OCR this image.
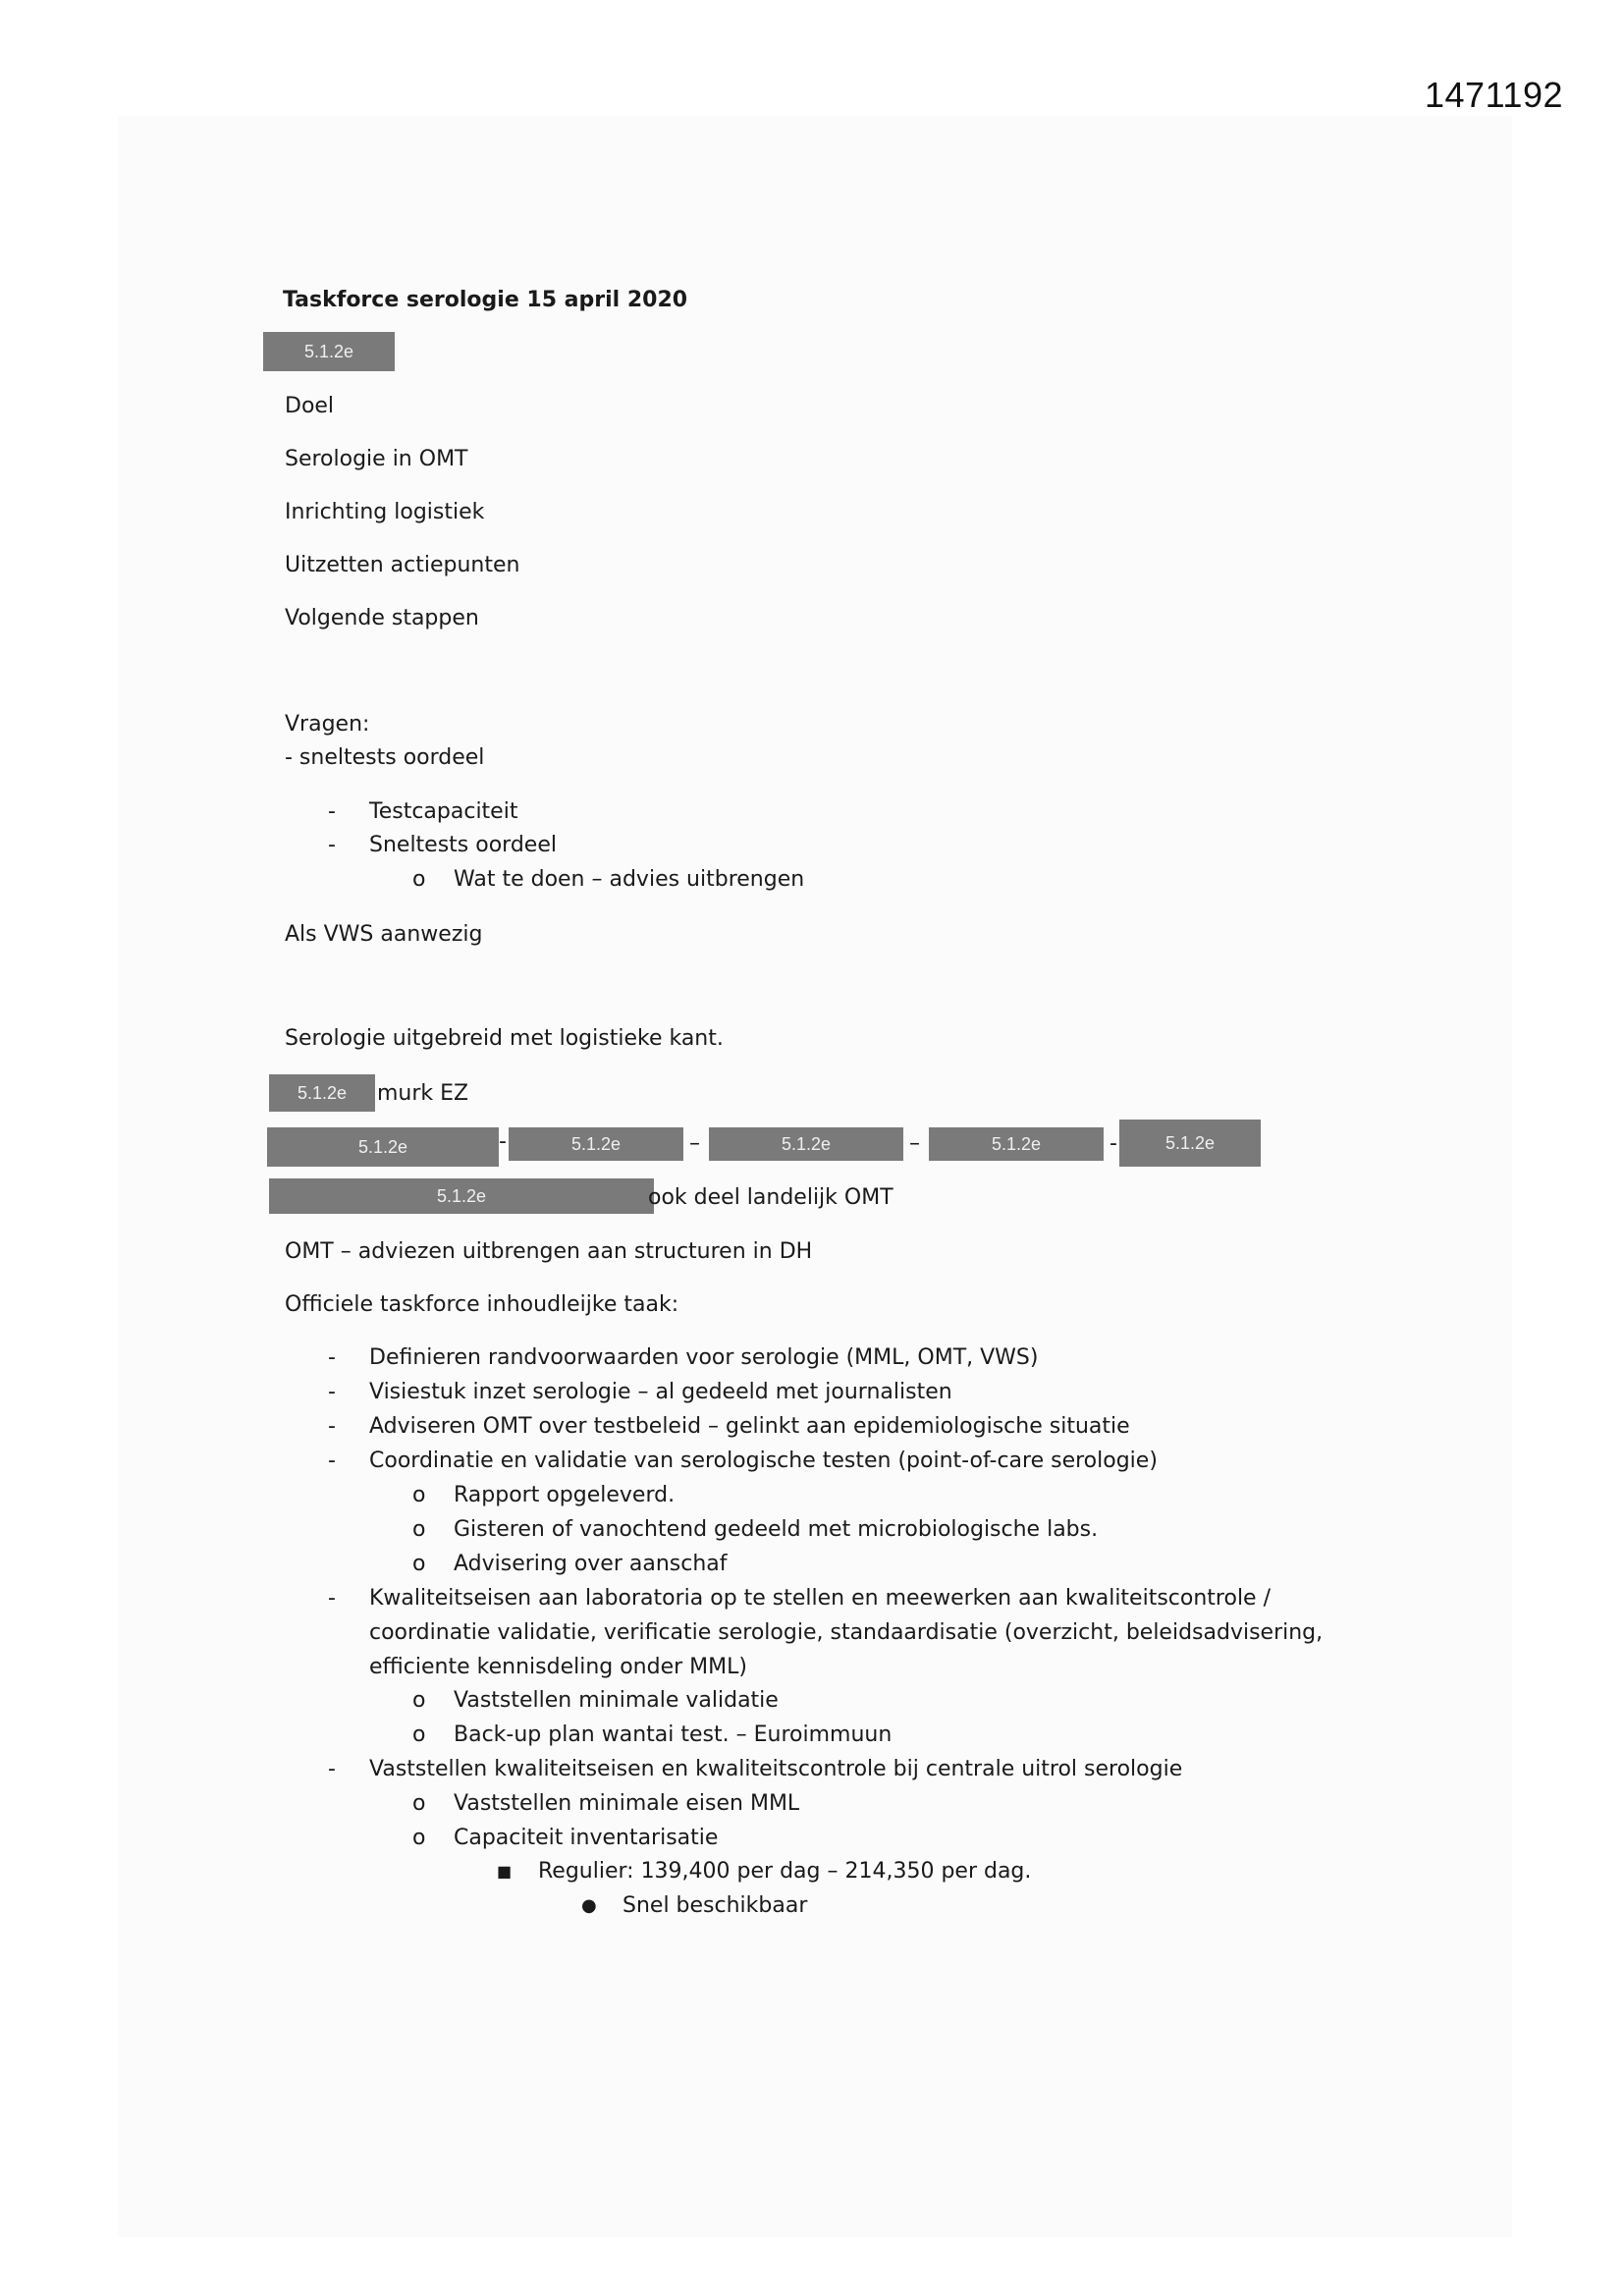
1471192
Taskforce serologie 15 april 2020
5.1.2e
Doel
Serologie in OMT
Inrichting logistiek
Uitzetten actiepunten
Volgende stappen
Vragen:
- sneltests oordeel
- Testcapaciteit
- Sneltests oordeel
o Wat te doen – advies uitbrengen
Als VWS aanwezig
Serologie uitgebreid met logistieke kant.
5.1.2e	murk EZ
5.1.2e	-	5.1.2e	–	5.1.2e	–	5.1.2e	-	5.1.2e
5.1.2e	ook deel landelijk OMT
OMT – adviezen uitbrengen aan structuren in DH
Officiele taskforce inhoudleijke taak:
- Definieren randvoorwaarden voor serologie (MML, OMT, VWS)
- Visiestuk inzet serologie – al gedeeld met journalisten
- Adviseren OMT over testbeleid – gelinkt aan epidemiologische situatie
- Coordinatie en validatie van serologische testen (point-of-care serologie)
o Rapport opgeleverd.
o Gisteren of vanochtend gedeeld met microbiologische labs.
o Advisering over aanschaf
- Kwaliteitseisen aan laboratoria op te stellen en meewerken aan kwaliteitscontrole /
coordinatie validatie, verificatie serologie, standaardisatie (overzicht, beleidsadvisering,
efficiente kennisdeling onder MML)
o Vaststellen minimale validatie
o Back-up plan wantai test. – Euroimmuun
- Vaststellen kwaliteitseisen en kwaliteitscontrole bij centrale uitrol serologie
o Vaststellen minimale eisen MML
o Capaciteit inventarisatie
■ Regulier: 139,400 per dag – 214,350 per dag.
● Snel beschikbaar
